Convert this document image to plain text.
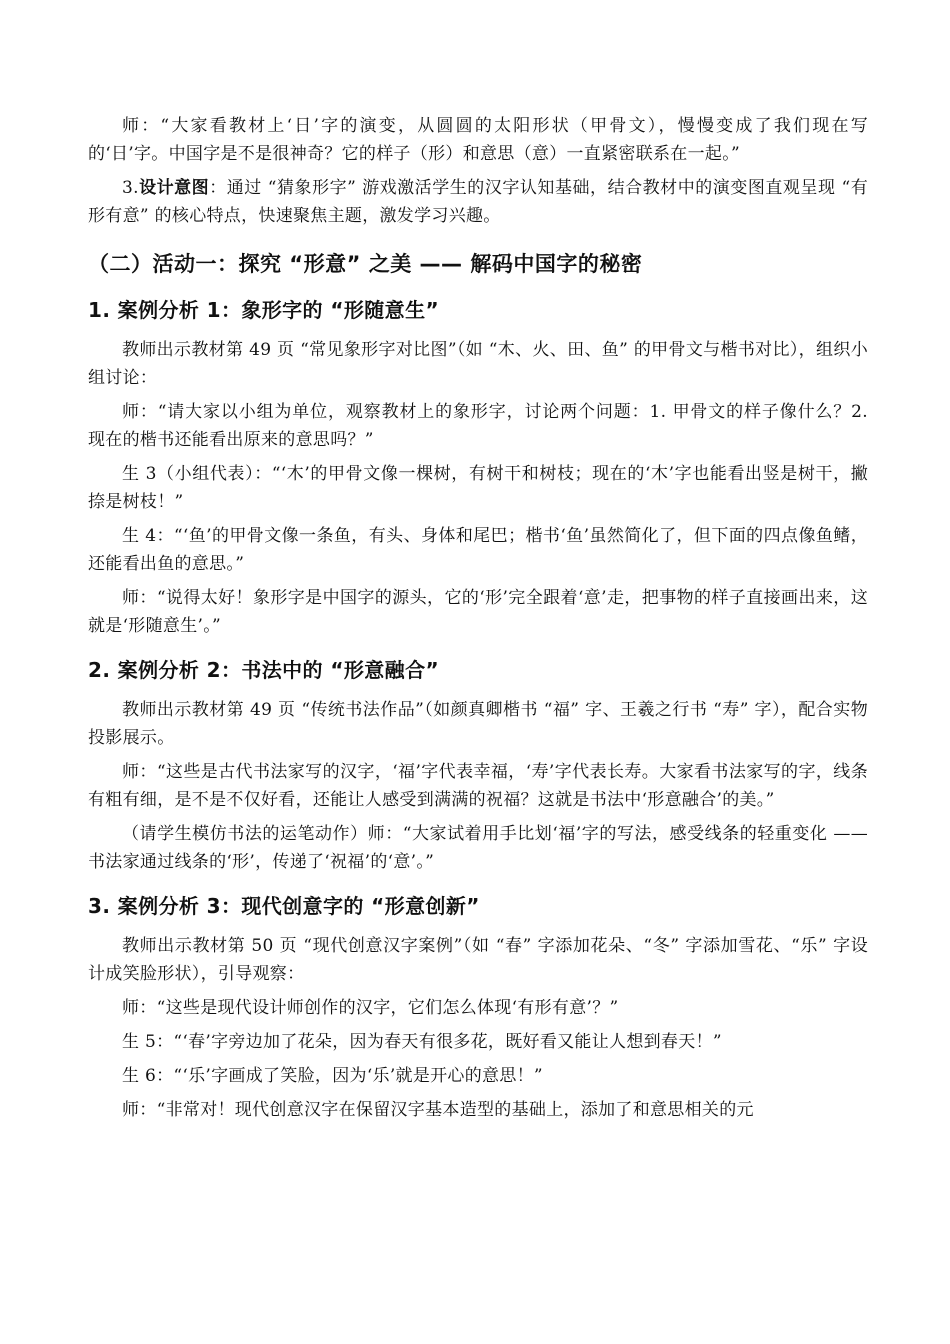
师：“大家看教材上‘日’字的演变，从圆圆的太阳形状（甲骨文），慢慢变成了我们现在写的‘日’字。中国字是不是很神奇？它的样子（形）和意思（意）一直紧密联系在一起。”

3.设计意图：通过 “猜象形字” 游戏激活学生的汉字认知基础，结合教材中的演变图直观呈现 “有形有意” 的核心特点，快速聚焦主题，激发学习兴趣。

（二）活动一：探究 “形意” 之美 —— 解码中国字的秘密
1. 案例分析 1：象形字的 “形随意生”

教师出示教材第 49 页 “常见象形字对比图”（如 “木、火、田、鱼” 的甲骨文与楷书对比），组织小组讨论：

师：“请大家以小组为单位，观察教材上的象形字，讨论两个问题：1. 甲骨文的样子像什么？2. 现在的楷书还能看出原来的意思吗？”

生 3（小组代表）：“‘木’的甲骨文像一棵树，有树干和树枝；现在的‘木’字也能看出竖是树干，撇捺是树枝！”

生 4：“‘鱼’的甲骨文像一条鱼，有头、身体和尾巴；楷书‘鱼’虽然简化了，但下面的四点像鱼鳍，还能看出鱼的意思。”

师：“说得太好！象形字是中国字的源头，它的‘形’完全跟着‘意’走，把事物的样子直接画出来，这就是‘形随意生’。”

2. 案例分析 2：书法中的 “形意融合”

教师出示教材第 49 页 “传统书法作品”（如颜真卿楷书 “福” 字、王羲之行书 “寿” 字），配合实物投影展示。

师：“这些是古代书法家写的汉字，‘福’字代表幸福，‘寿’字代表长寿。大家看书法家写的字，线条有粗有细，是不是不仅好看，还能让人感受到满满的祝福？这就是书法中‘形意融合’的美。”

（请学生模仿书法的运笔动作）师：“大家试着用手比划‘福’字的写法，感受线条的轻重变化 —— 书法家通过线条的‘形’，传递了‘祝福’的‘意’。”

3. 案例分析 3：现代创意字的 “形意创新”

教师出示教材第 50 页 “现代创意汉字案例”（如 “春” 字添加花朵、“冬” 字添加雪花、“乐” 字设计成笑脸形状），引导观察：

师：“这些是现代设计师创作的汉字，它们怎么体现‘有形有意’？”

生 5：“‘春’字旁边加了花朵，因为春天有很多花，既好看又能让人想到春天！”

生 6：“‘乐’字画成了笑脸，因为‘乐’就是开心的意思！”

师：“非常对！现代创意汉字在保留汉字基本造型的基础上，添加了和意思相关的元
